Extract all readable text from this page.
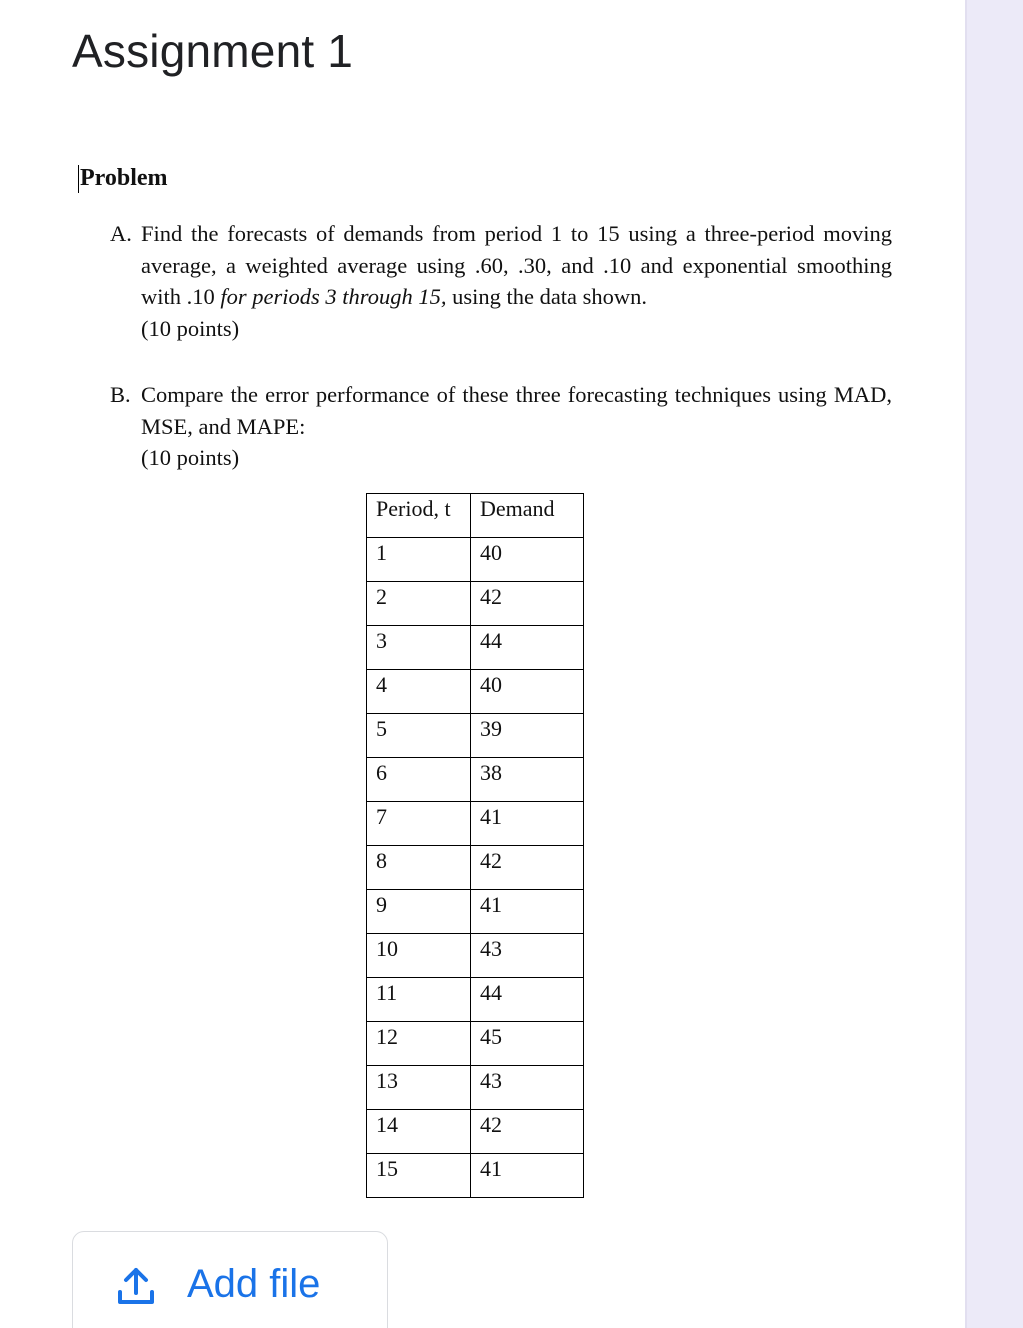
Assignment 1
Problem
A. Find the forecasts of demands from period 1 to 15 using a three-period moving average, a weighted average using .60, .30, and .10 and exponential smoothing with .10 for periods 3 through 15, using the data shown.
(10 points)
B. Compare the error performance of these three forecasting techniques using MAD, MSE, and MAPE:
(10 points)
Period, t	Demand
1	40
2	42
3	44
4	40
5	39
6	38
7	41
8	42
9	41
10	43
11	44
12	45
13	43
14	42
15	41
Add file
